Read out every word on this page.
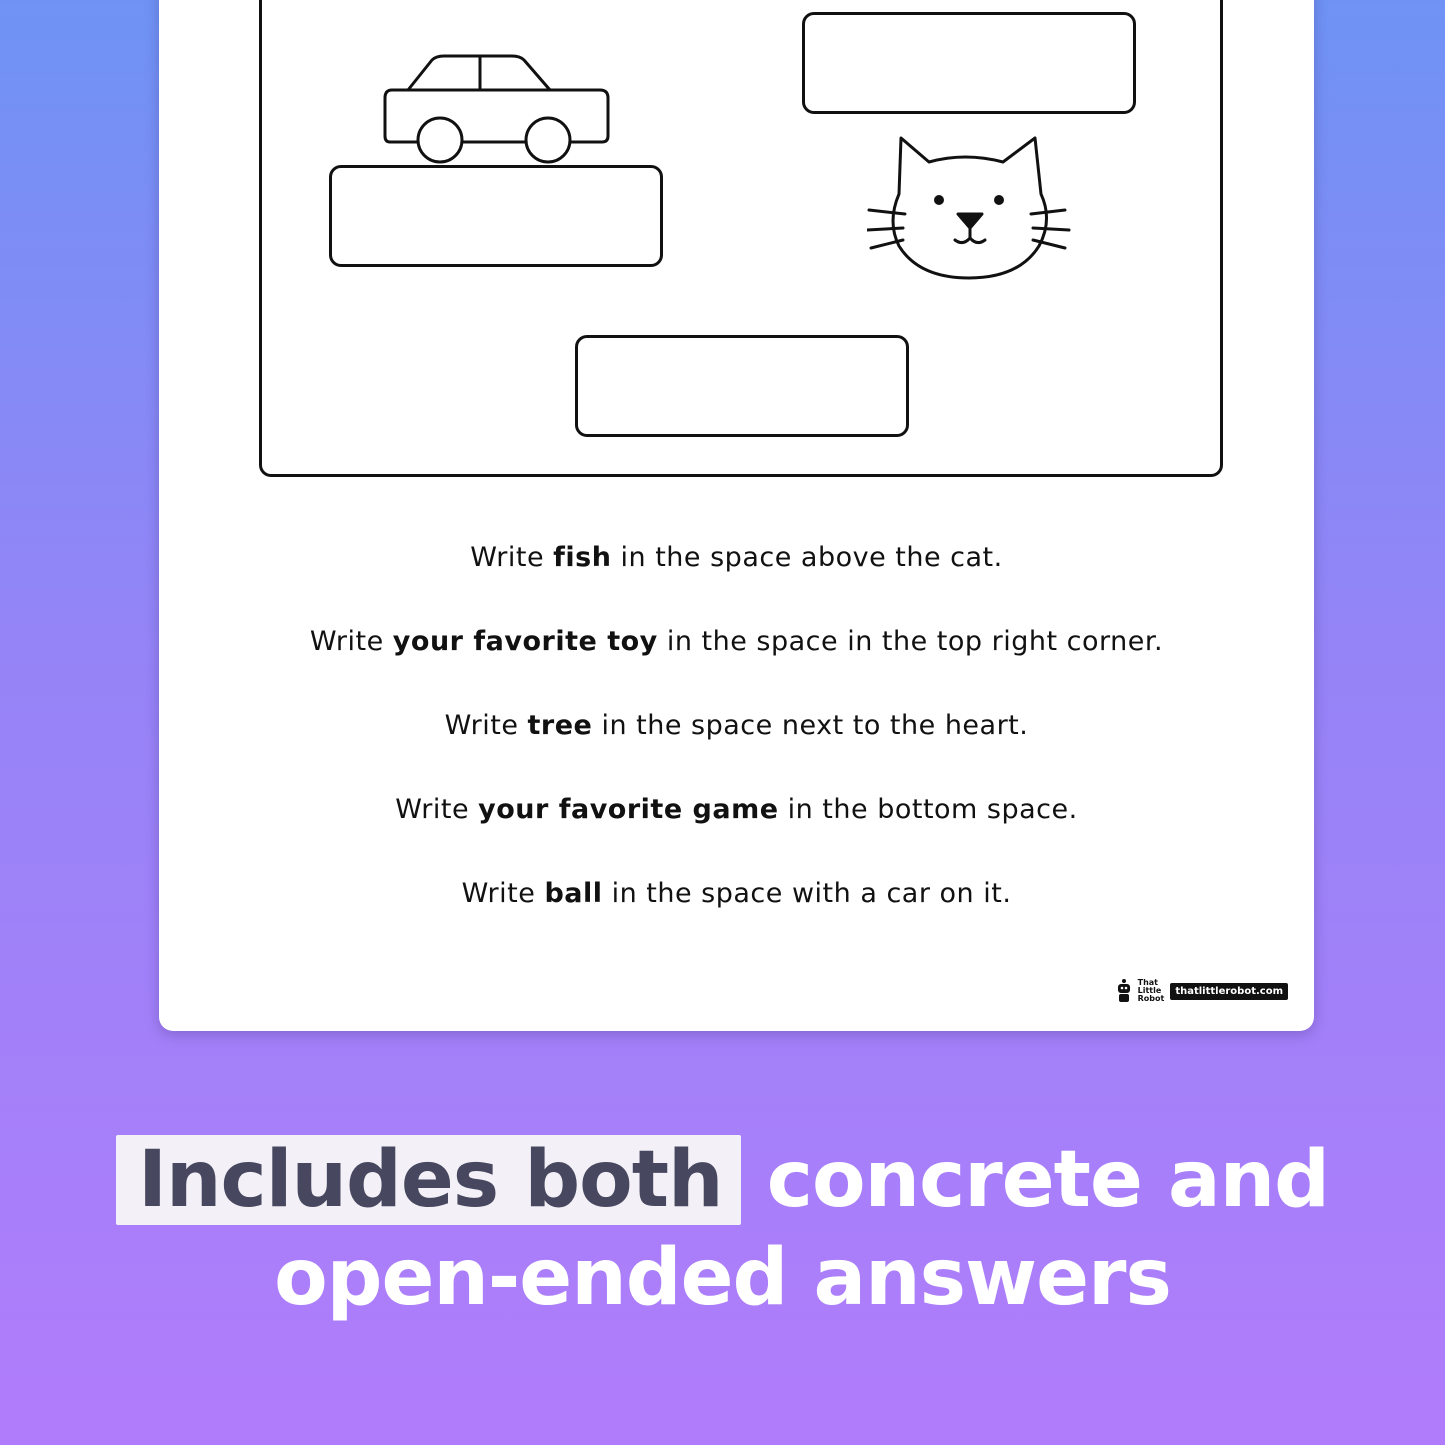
Write fish in the space above the cat.
Write your favorite toy in the space in the top right corner.
Write tree in the space next to the heart.
Write your favorite game in the bottom space.
Write ball in the space with a car on it.
That
Little
Robot
thatlittlerobot.com
Includes both concrete and
open-ended answers
